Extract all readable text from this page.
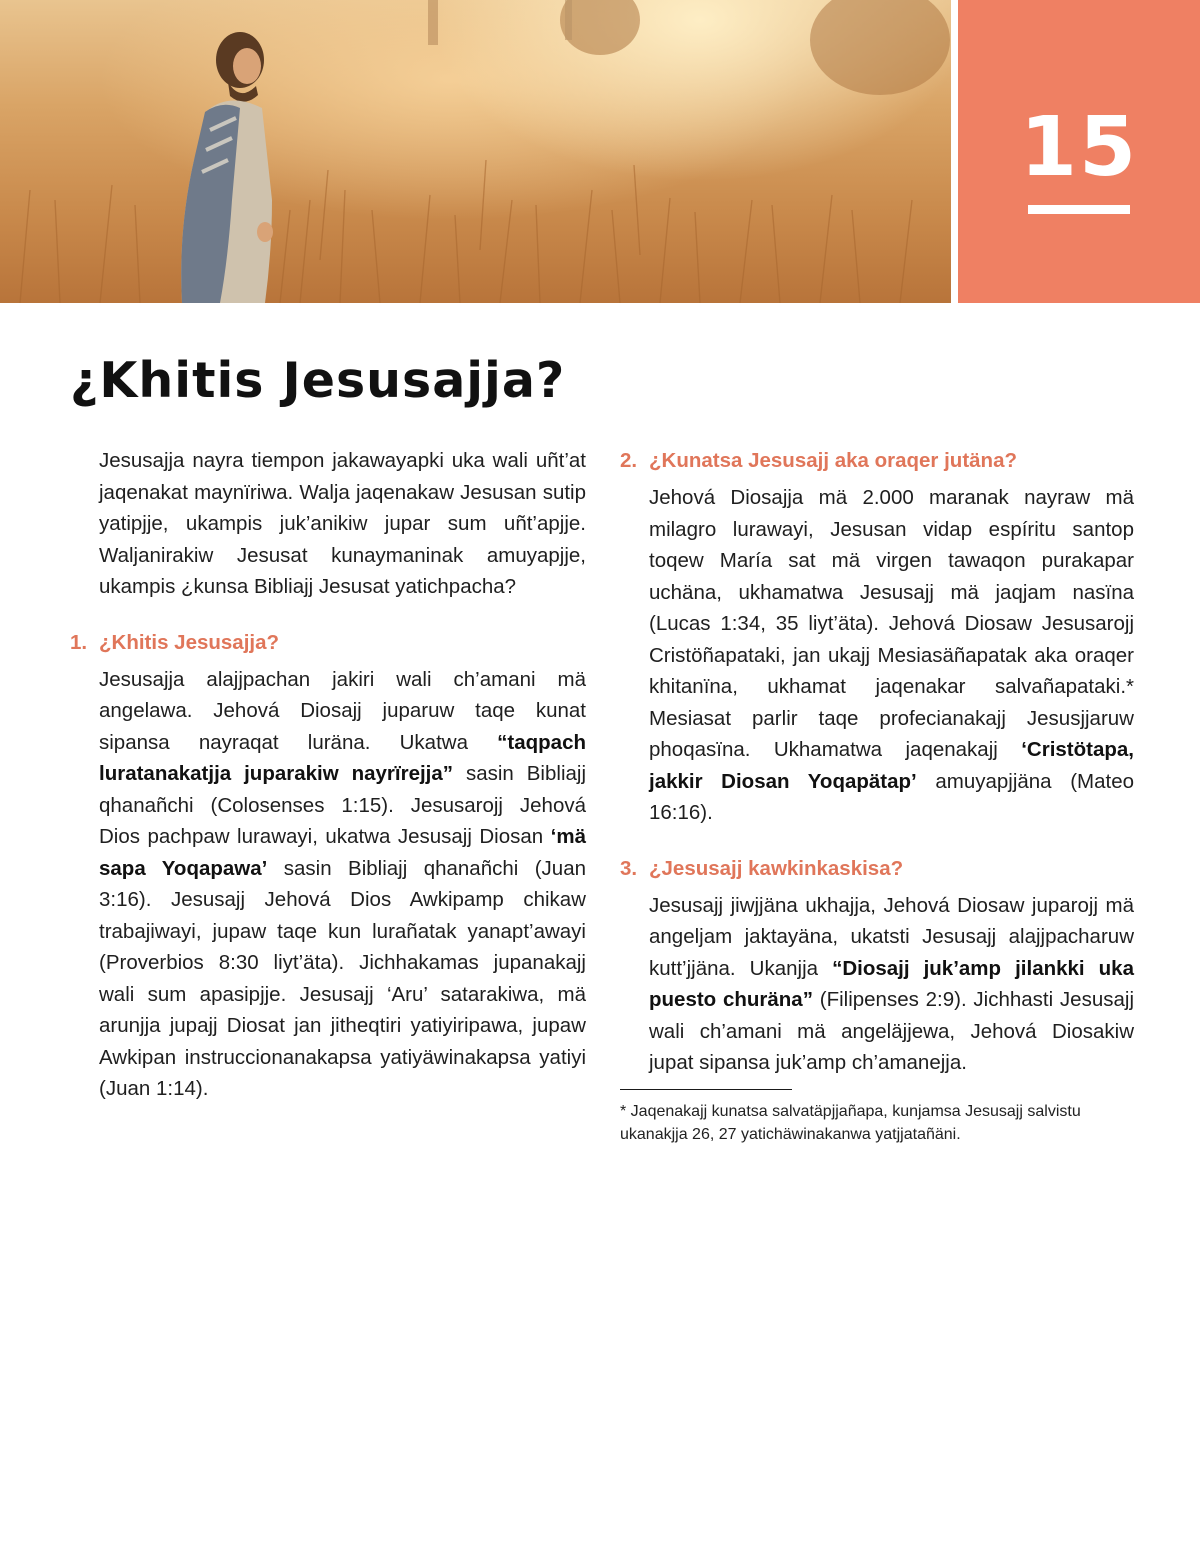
15
¿Khitis Jesusajja?

Jesusajja nayra tiempon jakawayapki uka wali uñt’at jaqenakat maynïriwa. Walja jaqenakaw Jesusan sutip yatipjje, ukampis juk’anikiw jupar sum uñt’apjje. Waljanirakiw Jesusat kunaymaninak amuyapjje, ukampis ¿kunsa Bibliajj Jesusat yatichpacha?

1. ¿Khitis Jesusajja?

Jesusajja alajjpachan jakiri wali ch’amani mä angelawa. Jehová Diosajj juparuw taqe kunat sipansa nayraqat luräna. Ukatwa “taqpach luratanakatjja juparakiw nayrïrejja” sasin Bibliajj qhanañchi (Colosenses 1:15). Jesusarojj Jehová Dios pachpaw lurawayi, ukatwa Jesusajj Diosan ‘mä sapa Yoqapawa’ sasin Bibliajj qhanañchi (Juan 3:16). Jesusajj Jehová Dios Awkipamp chikaw trabajiwayi, jupaw taqe kun lurañatak yanapt’awayi (Proverbios 8:30 liyt’äta). Jichhakamas jupanakajj wali sum apasipjje. Jesusajj ‘Aru’ satarakiwa, mä arunjja jupajj Diosat jan jitheqtiri yatiyiripawa, jupaw Awkipan instruccionanakapsa yatiyäwinakapsa yatiyi (Juan 1:14).

2. ¿Kunatsa Jesusajj aka oraqer jutäna?

Jehová Diosajja mä 2.000 maranak nayraw mä milagro lurawayi, Jesusan vidap espíritu santop toqew María sat mä virgen tawaqon purakapar uchäna, ukhamatwa Jesusajj mä jaqjam nasïna (Lucas 1:34, 35 liyt’äta). Jehová Diosaw Jesusarojj Cristöñapataki, jan ukajj Mesiasäñapatak aka oraqer khitanïna, ukhamat jaqenakar salvañapataki.* Mesiasat parlir taqe profecianakajj Jesusjjaruw phoqasïna. Ukhamatwa jaqenakajj ‘Cristötapa, jakkir Diosan Yoqapätap’ amuyapjjäna (Mateo 16:16).

3. ¿Jesusajj kawkinkaskisa?

Jesusajj jiwjjäna ukhajja, Jehová Diosaw juparojj mä angeljam jaktayäna, ukatsti Jesusajj alajjpacharuw kutt’jjäna. Ukanjja “Diosajj juk’amp jilankki uka puesto churäna” (Filipenses 2:9). Jichhasti Jesusajj wali ch’amani mä angeläjjewa, Jehová Diosakiw jupat sipansa juk’amp ch’amanejja.

* Jaqenakajj kunatsa salvatäpjjañapa, kunjamsa Jesusajj salvistu ukanakjja 26, 27 yatichäwinakanwa yatjjatañäni.
